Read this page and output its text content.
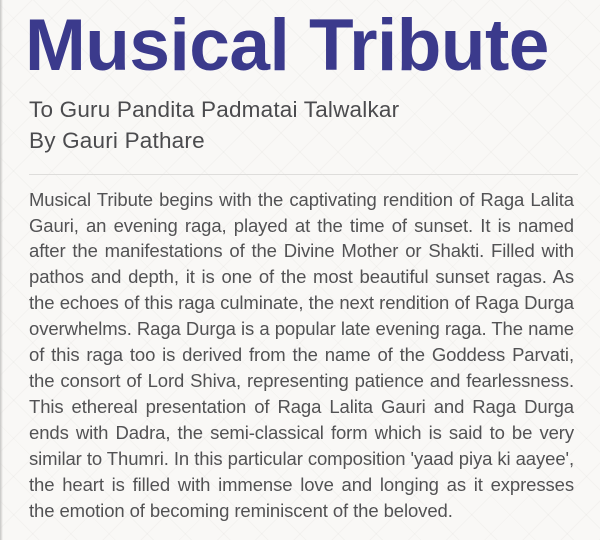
Musical Tribute

To Guru Pandita Padmatai Talwalkar

By Gauri Pathare

Musical Tribute begins with the captivating rendition of Raga Lalita Gauri, an evening raga, played at the time of sunset. It is named after the manifestations of the Divine Mother or Shakti. Filled with pathos and depth, it is one of the most beautiful sunset ragas. As the echoes of this raga culminate, the next rendition of Raga Durga overwhelms. Raga Durga is a popular late evening raga. The name of this raga too is derived from the name of the Goddess Parvati, the consort of Lord Shiva, representing patience and fearlessness. This ethereal presentation of Raga Lalita Gauri and Raga Durga ends with Dadra, the semi-classical form which is said to be very similar to Thumri. In this particular composition 'yaad piya ki aayee', the heart is filled with immense love and longing as it expresses the emotion of becoming reminiscent of the beloved.
